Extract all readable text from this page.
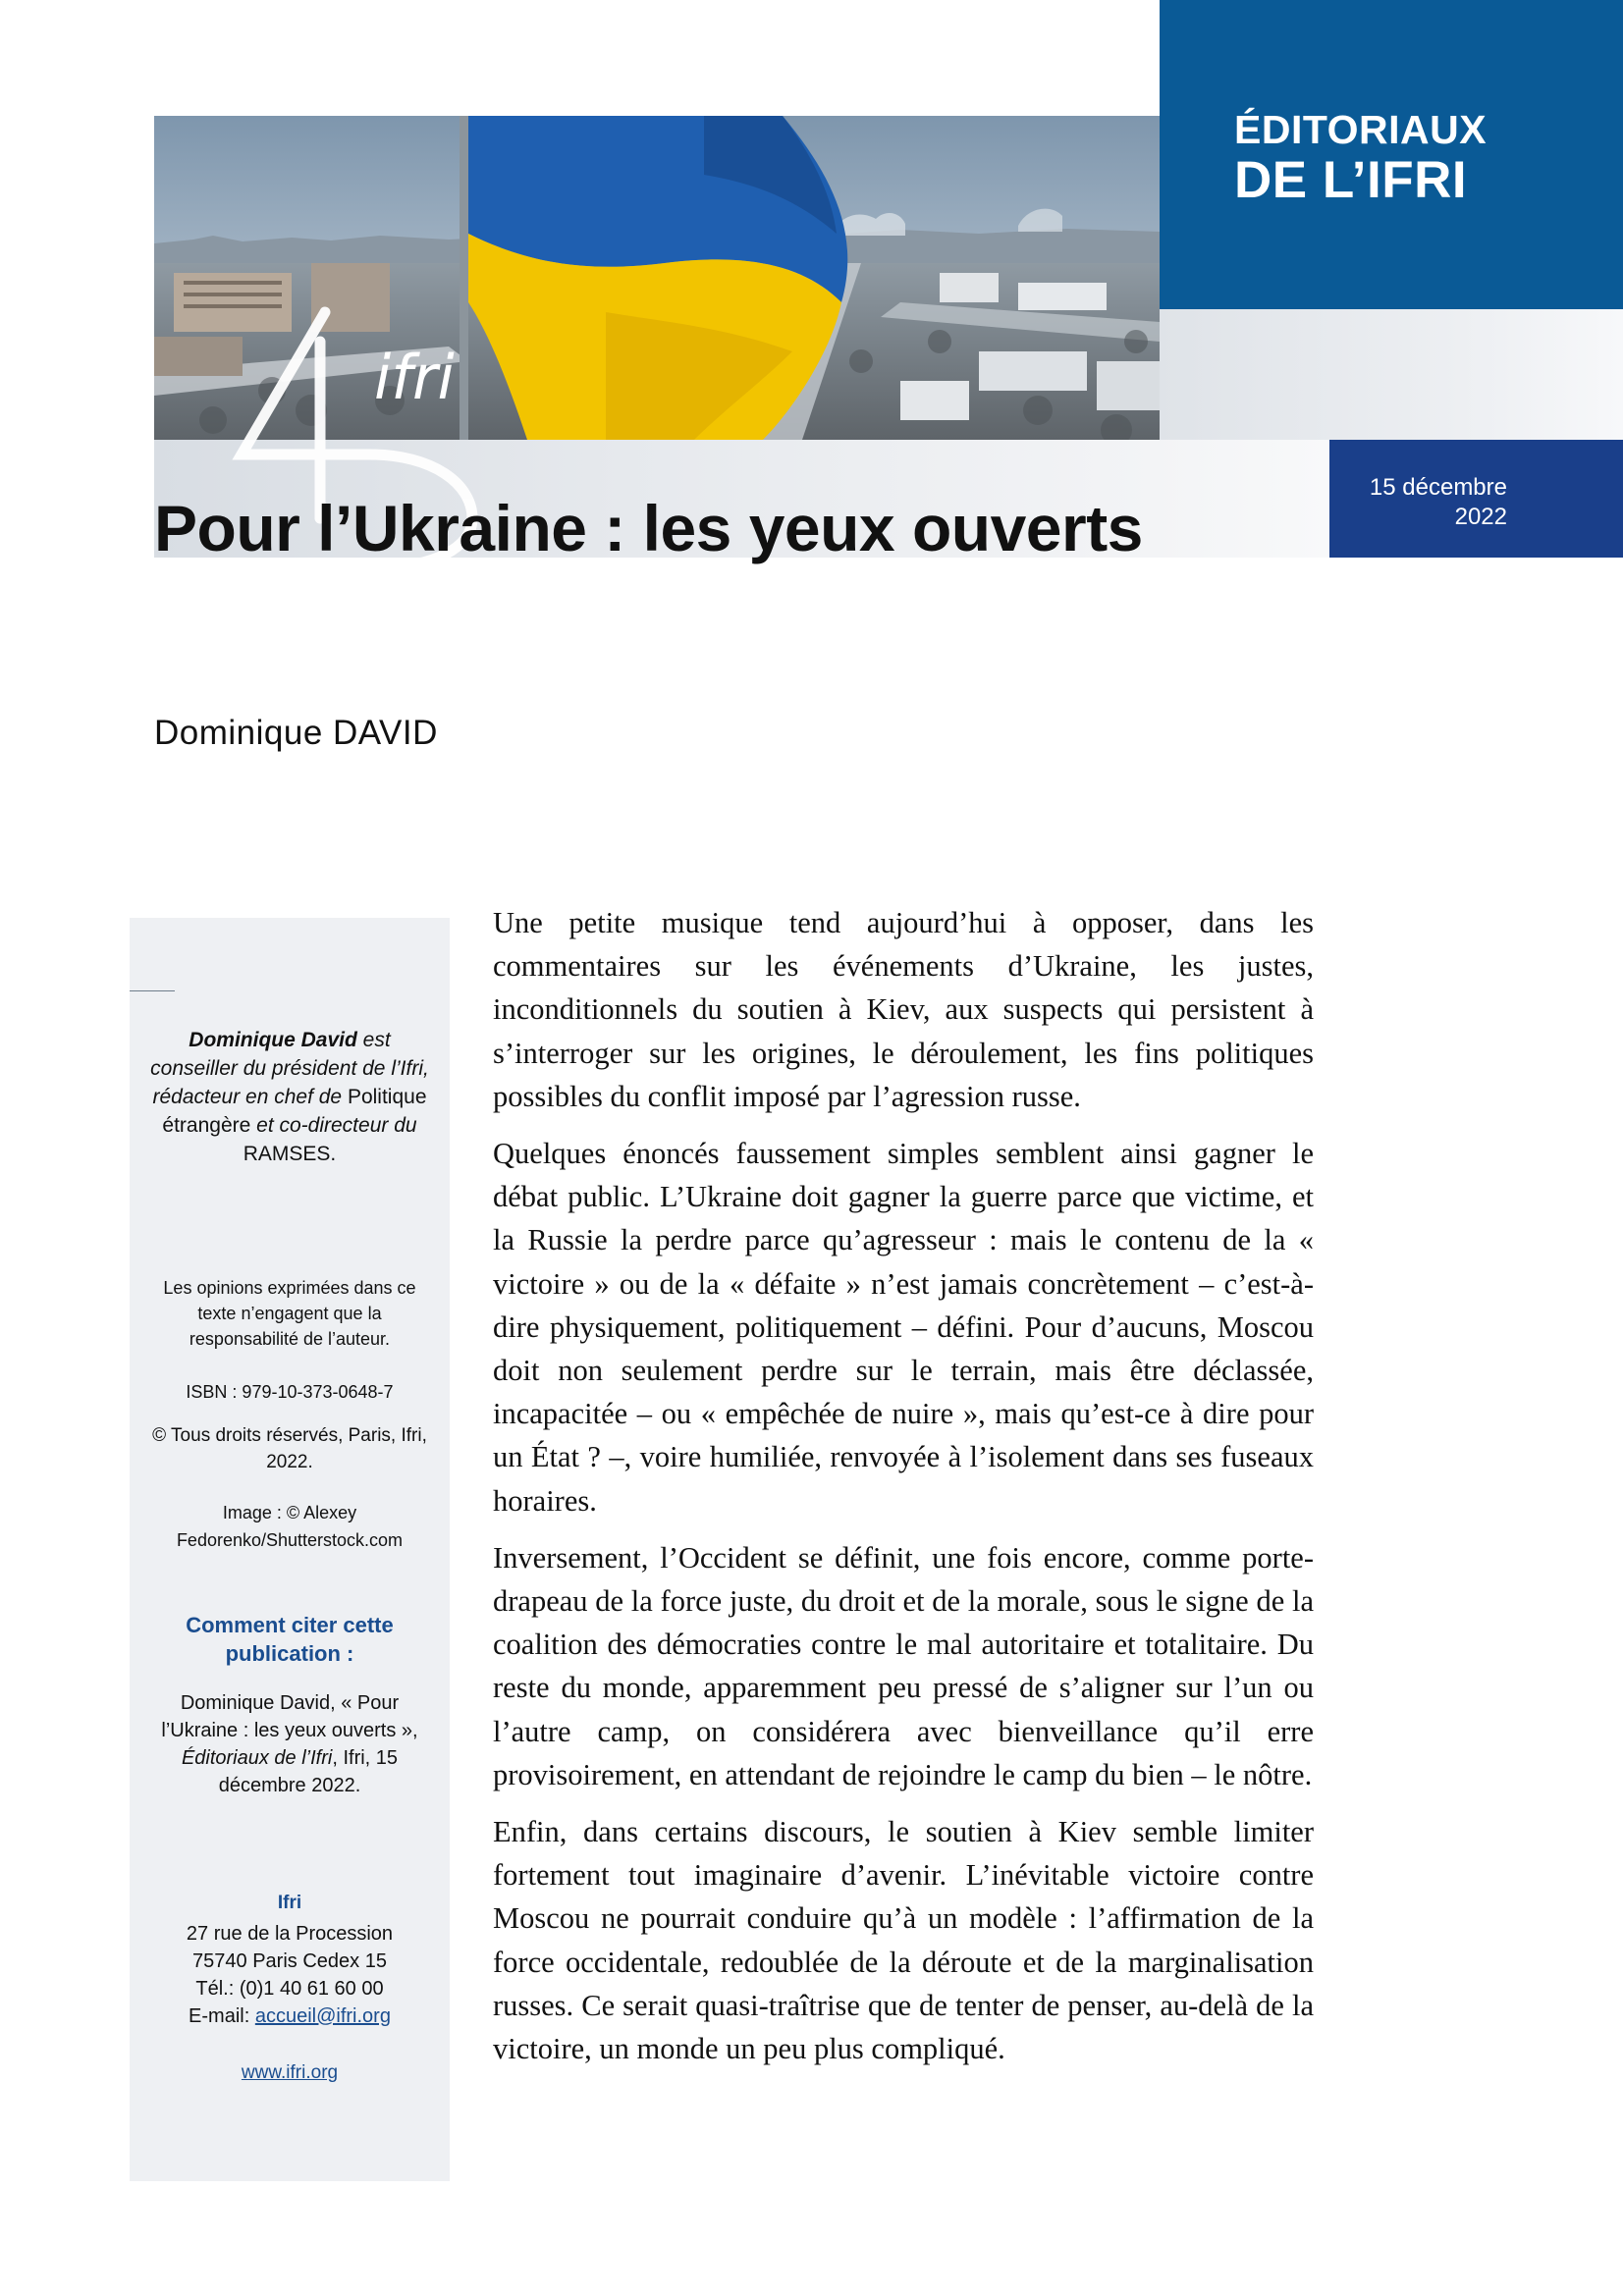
ÉDITORIAUX
DE L’IFRI
15 décembre
2022
ifri
Pour l’Ukraine : les yeux ouverts
Dominique DAVID
Dominique David est conseiller du président de l’Ifri, rédacteur en chef de Politique étrangère et co-directeur du RAMSES.
Les opinions exprimées dans ce texte n’engagent que la responsabilité de l’auteur.
ISBN : 979-10-373-0648-7
© Tous droits réservés, Paris, Ifri, 2022.
Image : © Alexey Fedorenko/Shutterstock.com
Comment citer cette publication :
Dominique David, « Pour l’Ukraine : les yeux ouverts », Éditoriaux de l’Ifri, Ifri, 15 décembre 2022.
Ifri
27 rue de la Procession
75740 Paris Cedex 15
Tél.: (0)1 40 61 60 00
E-mail: accueil@ifri.org
www.ifri.org

Une petite musique tend aujourd’hui à opposer, dans les commentaires sur les événements d’Ukraine, les justes, inconditionnels du soutien à Kiev, aux suspects qui persistent à s’interroger sur les origines, le déroulement, les fins politiques possibles du conflit imposé par l’agression russe.

Quelques énoncés faussement simples semblent ainsi gagner le débat public. L’Ukraine doit gagner la guerre parce que victime, et la Russie la perdre parce qu’agresseur : mais le contenu de la « victoire » ou de la « défaite » n’est jamais concrètement – c’est-à-dire physiquement, politiquement – défini. Pour d’aucuns, Moscou doit non seulement perdre sur le terrain, mais être déclassée, incapacitée – ou « empêchée de nuire », mais qu’est-ce à dire pour un État ? –, voire humiliée, renvoyée à l’isolement dans ses fuseaux horaires.

Inversement, l’Occident se définit, une fois encore, comme porte-drapeau de la force juste, du droit et de la morale, sous le signe de la coalition des démocraties contre le mal autoritaire et totalitaire. Du reste du monde, apparemment peu pressé de s’aligner sur l’un ou l’autre camp, on considérera avec bienveillance qu’il erre provisoirement, en attendant de rejoindre le camp du bien – le nôtre.

Enfin, dans certains discours, le soutien à Kiev semble limiter fortement tout imaginaire d’avenir. L’inévitable victoire contre Moscou ne pourrait conduire qu’à un modèle : l’affirmation de la force occidentale, redoublée de la déroute et de la marginalisation russes. Ce serait quasi-traîtrise que de tenter de penser, au-delà de la victoire, un monde un peu plus compliqué.
